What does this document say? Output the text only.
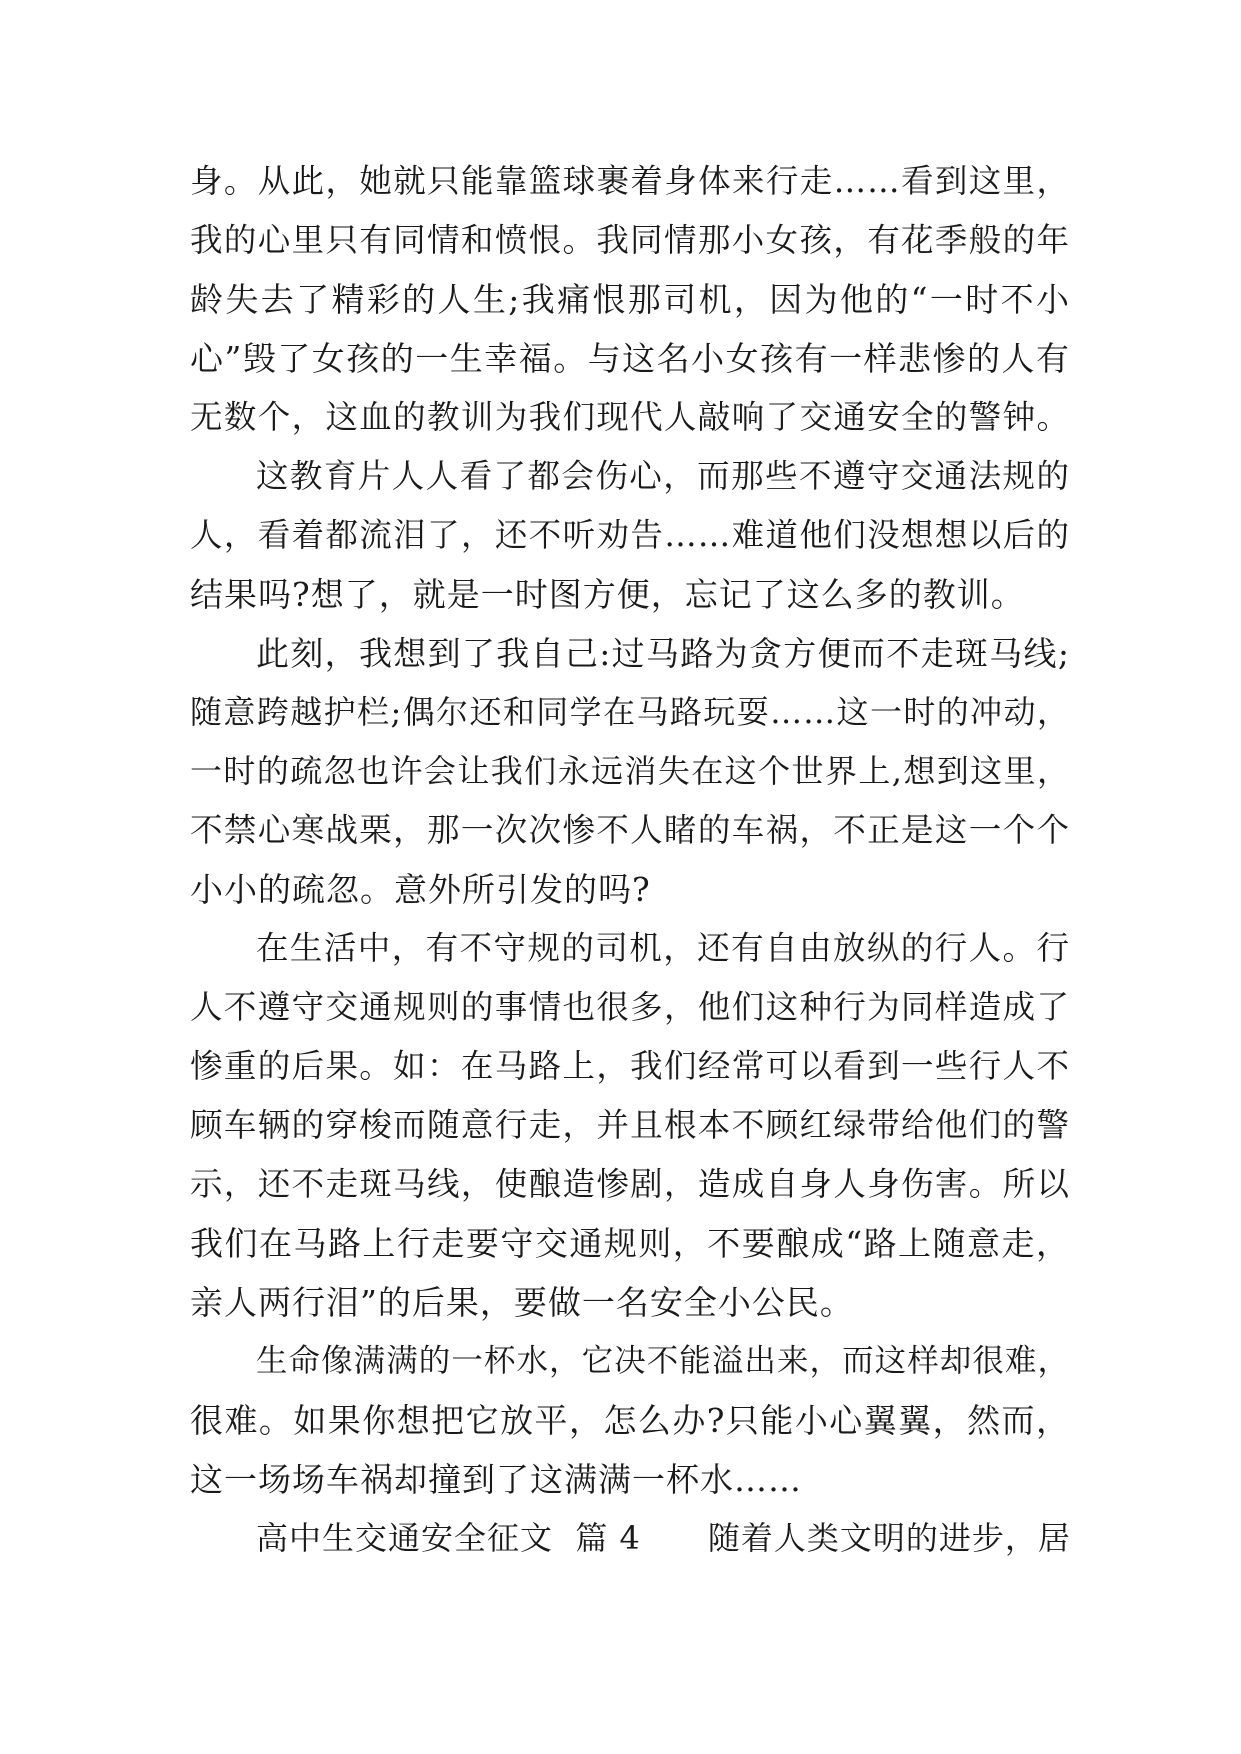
身。从此，她就只能靠篮球裹着身体来行走……看到这里，
我的心里只有同情和愤恨。我同情那小女孩，有花季般的年
龄失去了精彩的人生;我痛恨那司机，因为他的“一时不小
心”毁了女孩的一生幸福。与这名小女孩有一样悲惨的人有
无数个，这血的教训为我们现代人敲响了交通安全的警钟。
这教育片人人看了都会伤心，而那些不遵守交通法规的
人，看着都流泪了，还不听劝告……难道他们没想想以后的
结果吗?想了，就是一时图方便，忘记了这么多的教训。
此刻，我想到了我自己:过马路为贪方便而不走斑马线;
随意跨越护栏;偶尔还和同学在马路玩耍……这一时的冲动，
一时的疏忽也许会让我们永远消失在这个世界上,想到这里，
不禁心寒战栗，那一次次惨不人睹的车祸，不正是这一个个
小小的疏忽。意外所引发的吗?
在生活中，有不守规的司机，还有自由放纵的行人。行
人不遵守交通规则的事情也很多，他们这种行为同样造成了
惨重的后果。如：在马路上，我们经常可以看到一些行人不
顾车辆的穿梭而随意行走，并且根本不顾红绿带给他们的警
示，还不走斑马线，使酿造惨剧，造成自身人身伤害。所以
我们在马路上行走要守交通规则，不要酿成“路上随意走，
亲人两行泪”的后果，要做一名安全小公民。
生命像满满的一杯水，它决不能溢出来，而这样却很难，
很难。如果你想把它放平，怎么办?只能小心翼翼，然而，
这一场场车祸却撞到了这满满一杯水……
高中生交通安全征文  篇 4      随着人类文明的进步，居
